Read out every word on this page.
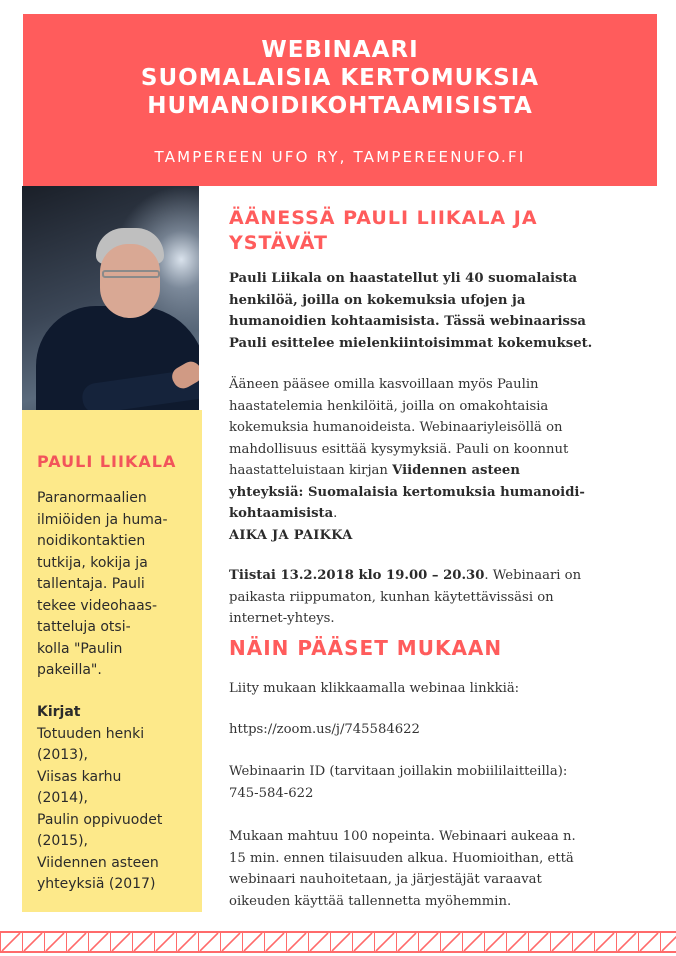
WEBINAARI
SUOMALAISIA KERTOMUKSIA
HUMANOIDIKOHTAAMISISTA
TAMPEREEN UFO RY, TAMPEREENUFO.FI
PAULI LIIKALA
Paranormaalien
ilmiöiden ja huma-
noidikontaktien
tutkija, kokija ja
tallentaja. Pauli
tekee videohaas-
tatteluja otsi-
kolla "Paulin
pakeilla".
Kirjat
Totuuden henki
(2013),
Viisas karhu
(2014),
Paulin oppivuodet
(2015),
Viidennen asteen
yhteyksiä (2017)
ÄÄNESSÄ PAULI LIIKALA JA
YSTÄVÄT
Pauli Liikala on haastatellut yli 40 suomalaista
henkilöä, joilla on kokemuksia ufojen ja
humanoidien kohtaamisista. Tässä webinaarissa
Pauli esittelee mielenkiintoisimmat kokemukset.
Ääneen pääsee omilla kasvoillaan myös Paulin
haastatelemia henkilöitä, joilla on omakohtaisia
kokemuksia humanoideista. Webinaariyleisöllä on
mahdollisuus esittää kysymyksiä. Pauli on koonnut
haastatteluistaan kirjan Viidennen asteen
yhteyksiä: Suomalaisia kertomuksia humanoidi-
kohtaamisista.
AIKA JA PAIKKA
Tiistai 13.2.2018 klo 19.00 – 20.30. Webinaari on
paikasta riippumaton, kunhan käytettävissäsi on
internet-yhteys.
NÄIN PÄÄSET MUKAAN
Liity mukaan klikkaamalla webinaa linkkiä:
https://zoom.us/j/745584622
Webinaarin ID (tarvitaan joillakin mobiililaitteilla):
745-584-622
Mukaan mahtuu 100 nopeinta. Webinaari aukeaa n.
15 min. ennen tilaisuuden alkua. Huomioithan, että
webinaari nauhoitetaan, ja järjestäjät varaavat
oikeuden käyttää tallennetta myöhemmin.
